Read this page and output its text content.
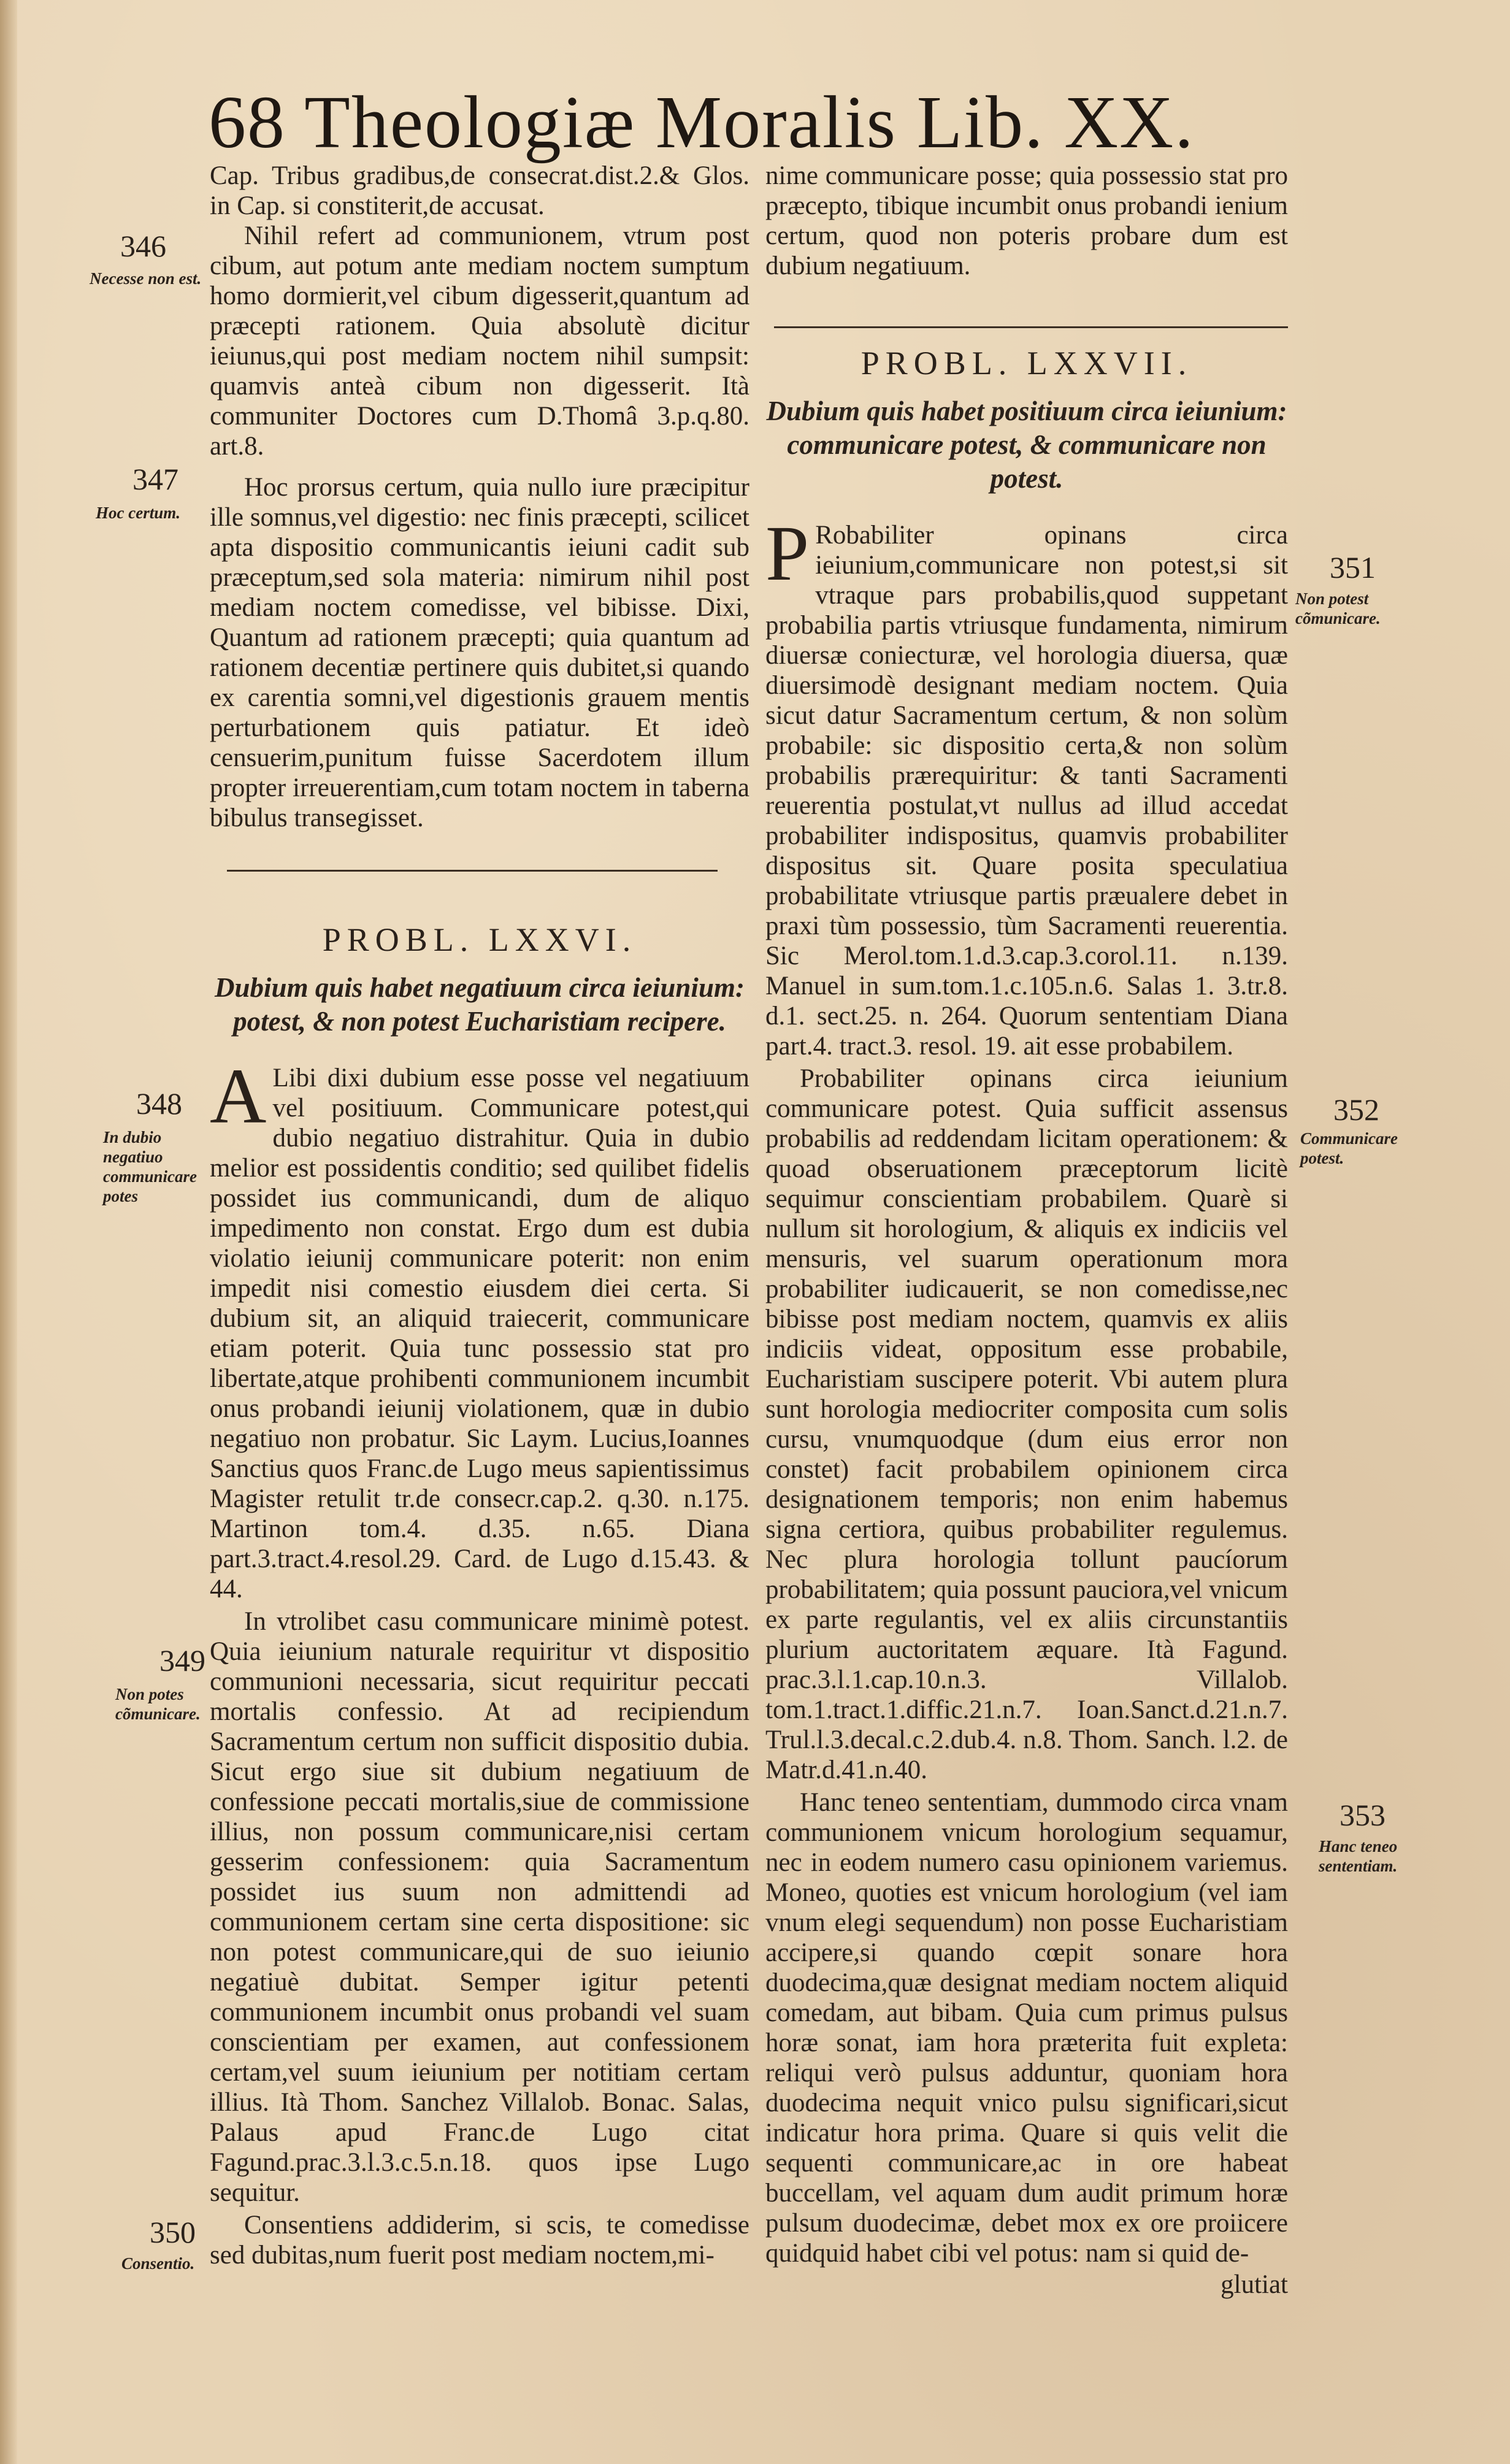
68 Theologiæ Moralis Lib. XX.
346
Necesse non est.
347
Hoc certum.
348
In dubio negatiuo communicare potes
349
Non potes cõmunicare.
350
Consentio.
351
Non potest cõmunicare.
352
Communicare potest.
353
Hanc teneo sententiam.

Cap. Tribus gradibus,de consecrat.dist.2.& Glos. in Cap. si constiterit,de accusat.

Nihil refert ad communionem, vtrum post cibum, aut potum ante mediam noctem sumptum homo dormierit,vel cibum digesserit,quantum ad præcepti rationem. Quia absolutè dicitur ieiunus,qui post mediam noctem nihil sumpsit: quamvis anteà cibum non digesserit. Ità communiter Doctores cum D.Thomâ 3.p.q.80. art.8.

Hoc prorsus certum, quia nullo iure præcipitur ille somnus,vel digestio: nec finis præcepti, scilicet apta dispositio communicantis ieiuni cadit sub præceptum,sed sola materia: nimirum nihil post mediam noctem comedisse, vel bibisse. Dixi, Quantum ad rationem præcepti; quia quantum ad rationem decentiæ pertinere quis dubitet,si quando ex carentia somni,vel digestionis grauem mentis perturbationem quis patiatur. Et ideò censuerim,punitum fuisse Sacerdotem illum propter irreuerentiam,cum totam noctem in taberna bibulus transegisset.

PROBL. LXXVI.

Dubium quis habet negatiuum circa ieiunium: potest, & non potest Eucharistiam recipere.

A Libi dixi dubium esse posse vel negatiuum vel positiuum. Communicare potest,qui dubio negatiuo distrahitur. Quia in dubio melior est possidentis conditio; sed quilibet fidelis possidet ius communicandi, dum de aliquo impedimento non constat. Ergo dum est dubia violatio ieiunij communicare poterit: non enim impedit nisi comestio eiusdem diei certa. Si dubium sit, an aliquid traiecerit, communicare etiam poterit. Quia tunc possessio stat pro libertate,atque prohibenti communionem incumbit onus probandi ieiunij violationem, quæ in dubio negatiuo non probatur. Sic Laym. Lucius,Ioannes Sanctius quos Franc.de Lugo meus sapientissimus Magister retulit tr.de consecr.cap.2. q.30. n.175. Martinon tom.4. d.35. n.65. Diana part.3.tract.4.resol.29. Card. de Lugo d.15.43. & 44.

In vtrolibet casu communicare minimè potest. Quia ieiunium naturale requiritur vt dispositio communioni necessaria, sicut requiritur peccati mortalis confessio. At ad recipiendum Sacramentum certum non sufficit dispositio dubia. Sicut ergo siue sit dubium negatiuum de confessione peccati mortalis,siue de commissione illius, non possum communicare,nisi certam gesserim confessionem: quia Sacramentum possidet ius suum non admittendi ad communionem certam sine certa dispositione: sic non potest communicare,qui de suo ieiunio negatiuè dubitat. Semper igitur petenti communionem incumbit onus probandi vel suam conscientiam per examen, aut confessionem certam,vel suum ieiunium per notitiam certam illius. Ità Thom. Sanchez Villalob. Bonac. Salas, Palaus apud Franc.de Lugo citat Fagund.prac.3.l.3.c.5.n.18. quos ipse Lugo sequitur.

Consentiens addiderim, si scis, te comedisse sed dubitas,num fuerit post mediam noctem,mi-

nime communicare posse; quia possessio stat pro præcepto, tibique incumbit onus probandi ienium certum, quod non poteris probare dum est dubium negatiuum.

PROBL. LXXVII.

Dubium quis habet positiuum circa ieiunium: communicare potest, & communicare non potest.

P Robabiliter opinans circa ieiunium,communicare non potest,si sit vtraque pars probabilis,quod suppetant probabilia partis vtriusque fundamenta, nimirum diuersæ coniecturæ, vel horologia diuersa, quæ diuersimodè designant mediam noctem. Quia sicut datur Sacramentum certum, & non solùm probabile: sic dispositio certa,& non solùm probabilis prærequiritur: & tanti Sacramenti reuerentia postulat,vt nullus ad illud accedat probabiliter indispositus, quamvis probabiliter dispositus sit. Quare posita speculatiua probabilitate vtriusque partis præualere debet in praxi tùm possessio, tùm Sacramenti reuerentia. Sic Merol.tom.1.d.3.cap.3.corol.11. n.139. Manuel in sum.tom.1.c.105.n.6. Salas 1. 3.tr.8. d.1. sect.25. n. 264. Quorum sententiam Diana part.4. tract.3. resol. 19. ait esse probabilem.

Probabiliter opinans circa ieiunium communicare potest. Quia sufficit assensus probabilis ad reddendam licitam operationem: & quoad obseruationem præceptorum licitè sequimur conscientiam probabilem. Quarè si nullum sit horologium, & aliquis ex indiciis vel mensuris, vel suarum operationum mora probabiliter iudicauerit, se non comedisse,nec bibisse post mediam noctem, quamvis ex aliis indiciis videat, oppositum esse probabile, Eucharistiam suscipere poterit. Vbi autem plura sunt horologia mediocriter composita cum solis cursu, vnumquodque (dum eius error non constet) facit probabilem opinionem circa designationem temporis; non enim habemus signa certiora, quibus probabiliter regulemus. Nec plura horologia tollunt paucíorum probabilitatem; quia possunt pauciora,vel vnicum ex parte regulantis, vel ex aliis circunstantiis plurium auctoritatem æquare. Ità Fagund. prac.3.l.1.cap.10.n.3. Villalob. tom.1.tract.1.diffic.21.n.7. Ioan.Sanct.d.21.n.7. Trul.l.3.decal.c.2.dub.4. n.8. Thom. Sanch. l.2. de Matr.d.41.n.40.

Hanc teneo sententiam, dummodo circa vnam communionem vnicum horologium sequamur, nec in eodem numero casu opinionem variemus. Moneo, quoties est vnicum horologium (vel iam vnum elegi sequendum) non posse Eucharistiam accipere,si quando cœpit sonare hora duodecima,quæ designat mediam noctem aliquid comedam, aut bibam. Quia cum primus pulsus horæ sonat, iam hora præterita fuit expleta: reliqui verò pulsus adduntur, quoniam hora duodecima nequit vnico pulsu significari,sicut indicatur hora prima. Quare si quis velit die sequenti communicare,ac in ore habeat buccellam, vel aquam dum audit primum horæ pulsum duodecimæ, debet mox ex ore proiicere quidquid habet cibi vel potus: nam si quid de-

glutiat
